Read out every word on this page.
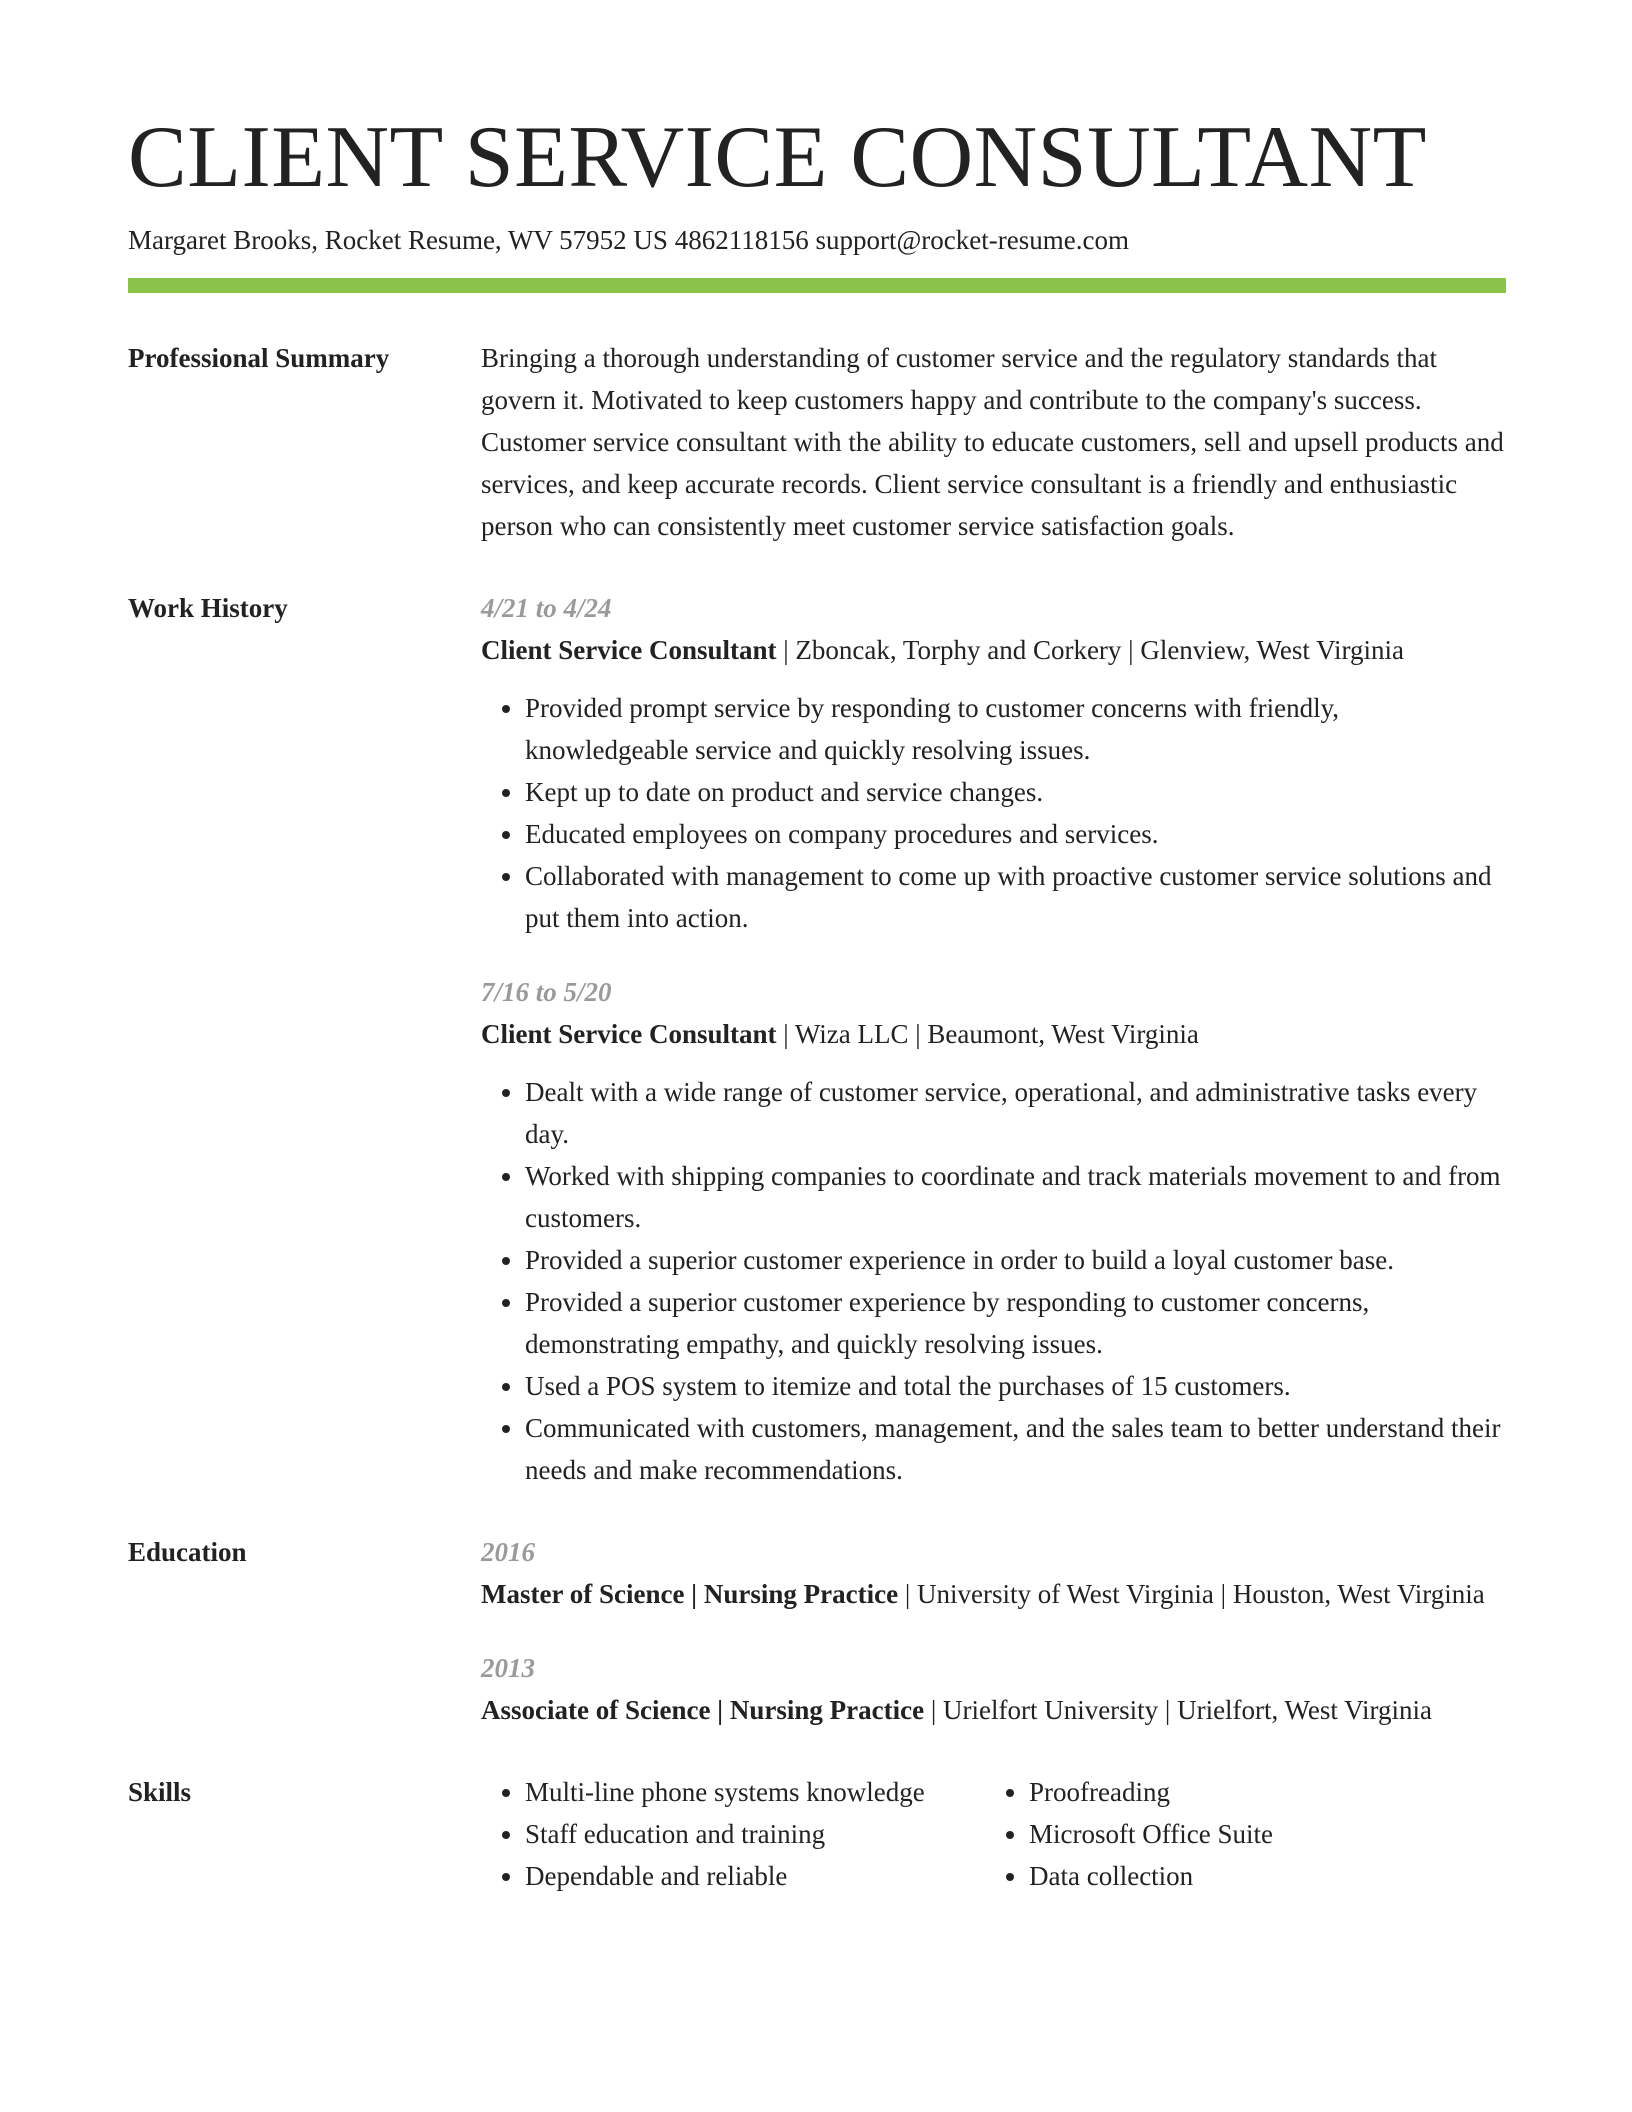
CLIENT SERVICE CONSULTANT
Margaret Brooks, Rocket Resume, WV 57952 US 4862118156 support@rocket-resume.com
Professional Summary	Bringing a thorough understanding of customer service and the regulatory standards that govern it. Motivated to keep customers happy and contribute to the company's success. Customer service consultant with the ability to educate customers, sell and upsell products and services, and keep accurate records. Client service consultant is a friendly and enthusiastic person who can consistently meet customer service satisfaction goals.

Work History	4/21 to 4/24
Client Service Consultant | Zboncak, Torphy and Corkery | Glenview, West Virginia
• Provided prompt service by responding to customer concerns with friendly, knowledgeable service and quickly resolving issues.
• Kept up to date on product and service changes.
• Educated employees on company procedures and services.
• Collaborated with management to come up with proactive customer service solutions and put them into action.
7/16 to 5/20
Client Service Consultant | Wiza LLC | Beaumont, West Virginia
• Dealt with a wide range of customer service, operational, and administrative tasks every day.
• Worked with shipping companies to coordinate and track materials movement to and from customers.
• Provided a superior customer experience in order to build a loyal customer base.
• Provided a superior customer experience by responding to customer concerns, demonstrating empathy, and quickly resolving issues.
• Used a POS system to itemize and total the purchases of 15 customers.
• Communicated with customers, management, and the sales team to better understand their needs and make recommendations.
Education	2016
Master of Science | Nursing Practice | University of West Virginia | Houston, West Virginia
2013
Associate of Science | Nursing Practice | Urielfort University | Urielfort, West Virginia
Skills
•	Multi-line phone systems knowledge
• Staff education and training
• Dependable and reliable
• Proofreading
• Microsoft Office Suite
• Data collection
